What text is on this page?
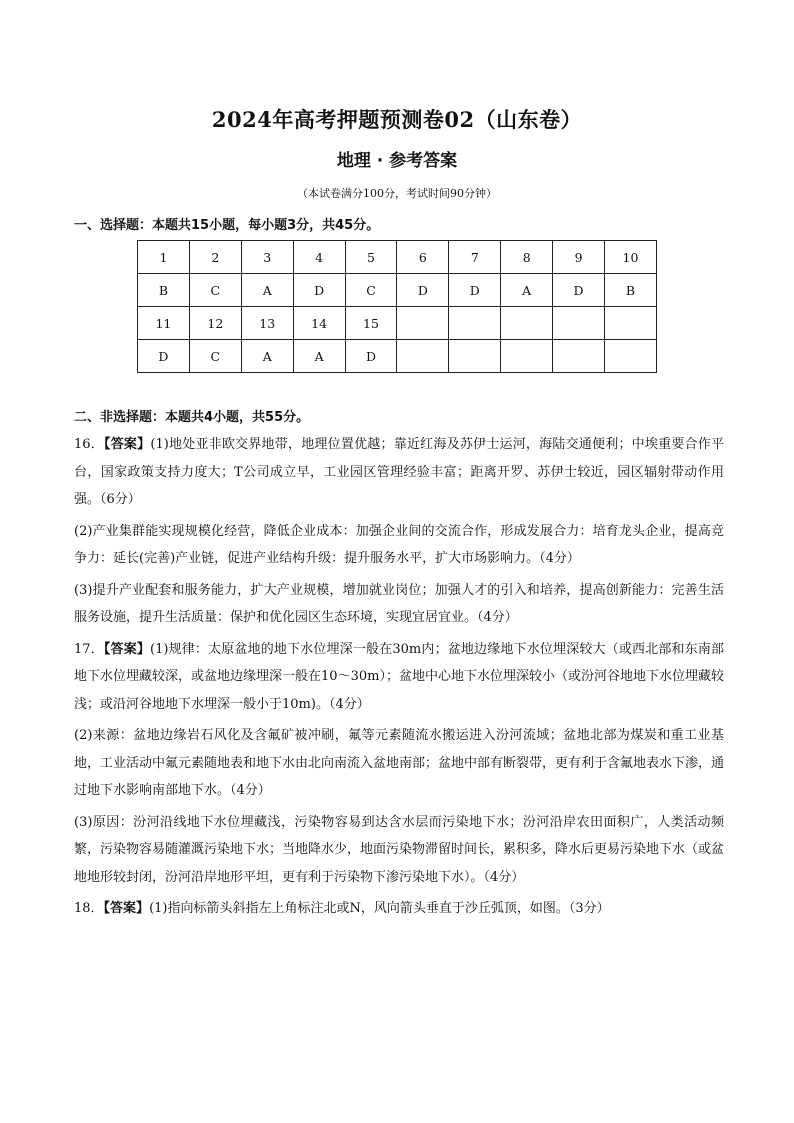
2024年高考押题预测卷02（山东卷）
地理 · 参考答案
（本试卷满分100分，考试时间90分钟）
一、选择题：本题共15小题，每小题3分，共45分。
1	2	3	4	5	6	7	8	9	10
B	C	A	D	C	D	D	A	D	B
11	12	13	14	15					
D	C	A	A	D					
二、非选择题：本题共4小题，共55分。

16．【答案】(1)地处亚非欧交界地带，地理位置优越；靠近红海及苏伊士运河，海陆交通便利；中埃重要合作平台，国家政策支持力度大；T公司成立早，工业园区管理经验丰富；距离开罗、苏伊士较近，园区辐射带动作用强。（6分）

(2)产业集群能实现规模化经营，降低企业成本：加强企业间的交流合作，形成发展合力：培育龙头企业，提高竞争力：延长(完善)产业链，促进产业结构升级：提升服务水平，扩大市场影响力。（4分）

(3)提升产业配套和服务能力，扩大产业规模，增加就业岗位；加强人才的引入和培养，提高创新能力：完善生活服务设施，提升生活质量：保护和优化园区生态环境，实现宜居宜业。（4分）

17．【答案】(1)规律：太原盆地的地下水位埋深一般在30m内；盆地边缘地下水位埋深较大（或西北部和东南部地下水位埋藏较深，或盆地边缘埋深一般在10～30m）；盆地中心地下水位埋深较小（或汾河谷地地下水位埋藏较浅；或沿河谷地地下水埋深一般小于10m)。（4分）

(2)来源：盆地边缘岩石风化及含氟矿被冲刷，氟等元素随流水搬运进入汾河流域；盆地北部为煤炭和重工业基地，工业活动中氟元素随地表和地下水由北向南流入盆地南部；盆地中部有断裂带，更有利于含氟地表水下渗，通过地下水影响南部地下水。（4分）

(3)原因：汾河沿线地下水位埋藏浅，污染物容易到达含水层而污染地下水；汾河沿岸农田面积广，人类活动频繁，污染物容易随灌溉污染地下水；当地降水少，地面污染物滞留时间长，累积多，降水后更易污染地下水（或盆地地形较封闭，汾河沿岸地形平坦，更有利于污染物下渗污染地下水）。（4分）

18．【答案】(1)指向标箭头斜指左上角标注北或N，风向箭头垂直于沙丘弧顶，如图。（3分）
